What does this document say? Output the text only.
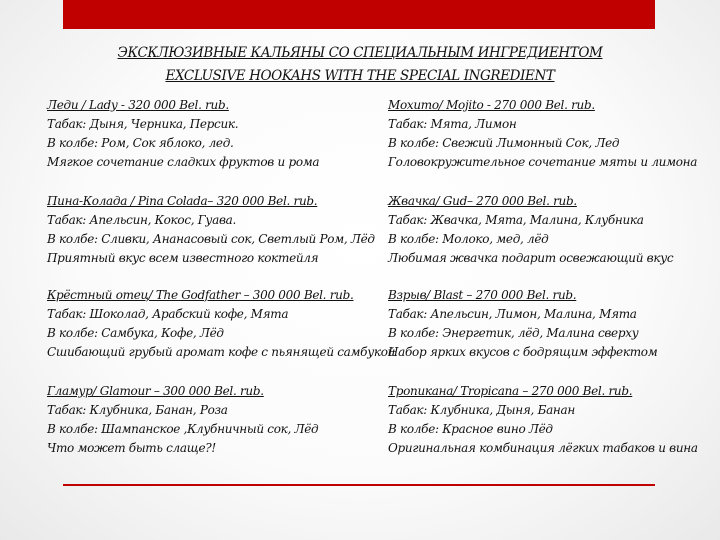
ЭКСКЛЮЗИВНЫЕ КАЛЬЯНЫ СО СПЕЦИАЛЬНЫМ ИНГРЕДИЕНТОМ
EXCLUSIVE HOOKAHS WITH THE SPECIAL INGREDIENT
Леди / Lady - 320 000 Bel. rub.
Табак: Дыня, Черника, Персик.
В колбе: Ром, Сок яблоко, лед.
Мягкое сочетание сладких фруктов и рома
Мохито/ Mojito - 270 000 Bel. rub.
Табак: Мята, Лимон
В колбе: Свежий Лимонный Сок, Лед
Головокружительное сочетание мяты и лимона
Пина-Колада / Pina Colada– 320 000 Bel. rub.
Табак: Апельсин, Кокос, Гуава.
В колбе: Сливки, Ананасовый сок, Светлый Ром, Лёд
Приятный вкус всем известного коктейля
Жвачка/ Gud– 270 000 Bel. rub.
Табак: Жвачка, Мята, Малина, Клубника
В колбе: Молоко, мед, лёд
Любимая жвачка подарит освежающий вкус
Крёстный отец/ The Godfather – 300 000 Bel. rub.
Табак: Шоколад, Арабский кофе, Мята
В колбе: Самбука, Кофе, Лёд
Сшибающий грубый аромат кофе с пьянящей самбукой
Взрыв/ Blast – 270 000 Bel. rub.
Табак: Апельсин, Лимон, Малина, Мята
В колбе: Энергетик, лёд, Малина сверху
Набор ярких вкусов с бодрящим эффектом
Гламур/ Glamour – 300 000 Bel. rub.
Табак: Клубника, Банан, Роза
В колбе: Шампанское ,Клубничный сок, Лёд
Что может быть слаще?!
Тропикана/ Tropicana – 270 000 Bel. rub.
Табак: Клубника, Дыня, Банан
В колбе: Красное вино Лёд
Оригинальная комбинация лёгких табаков и вина
